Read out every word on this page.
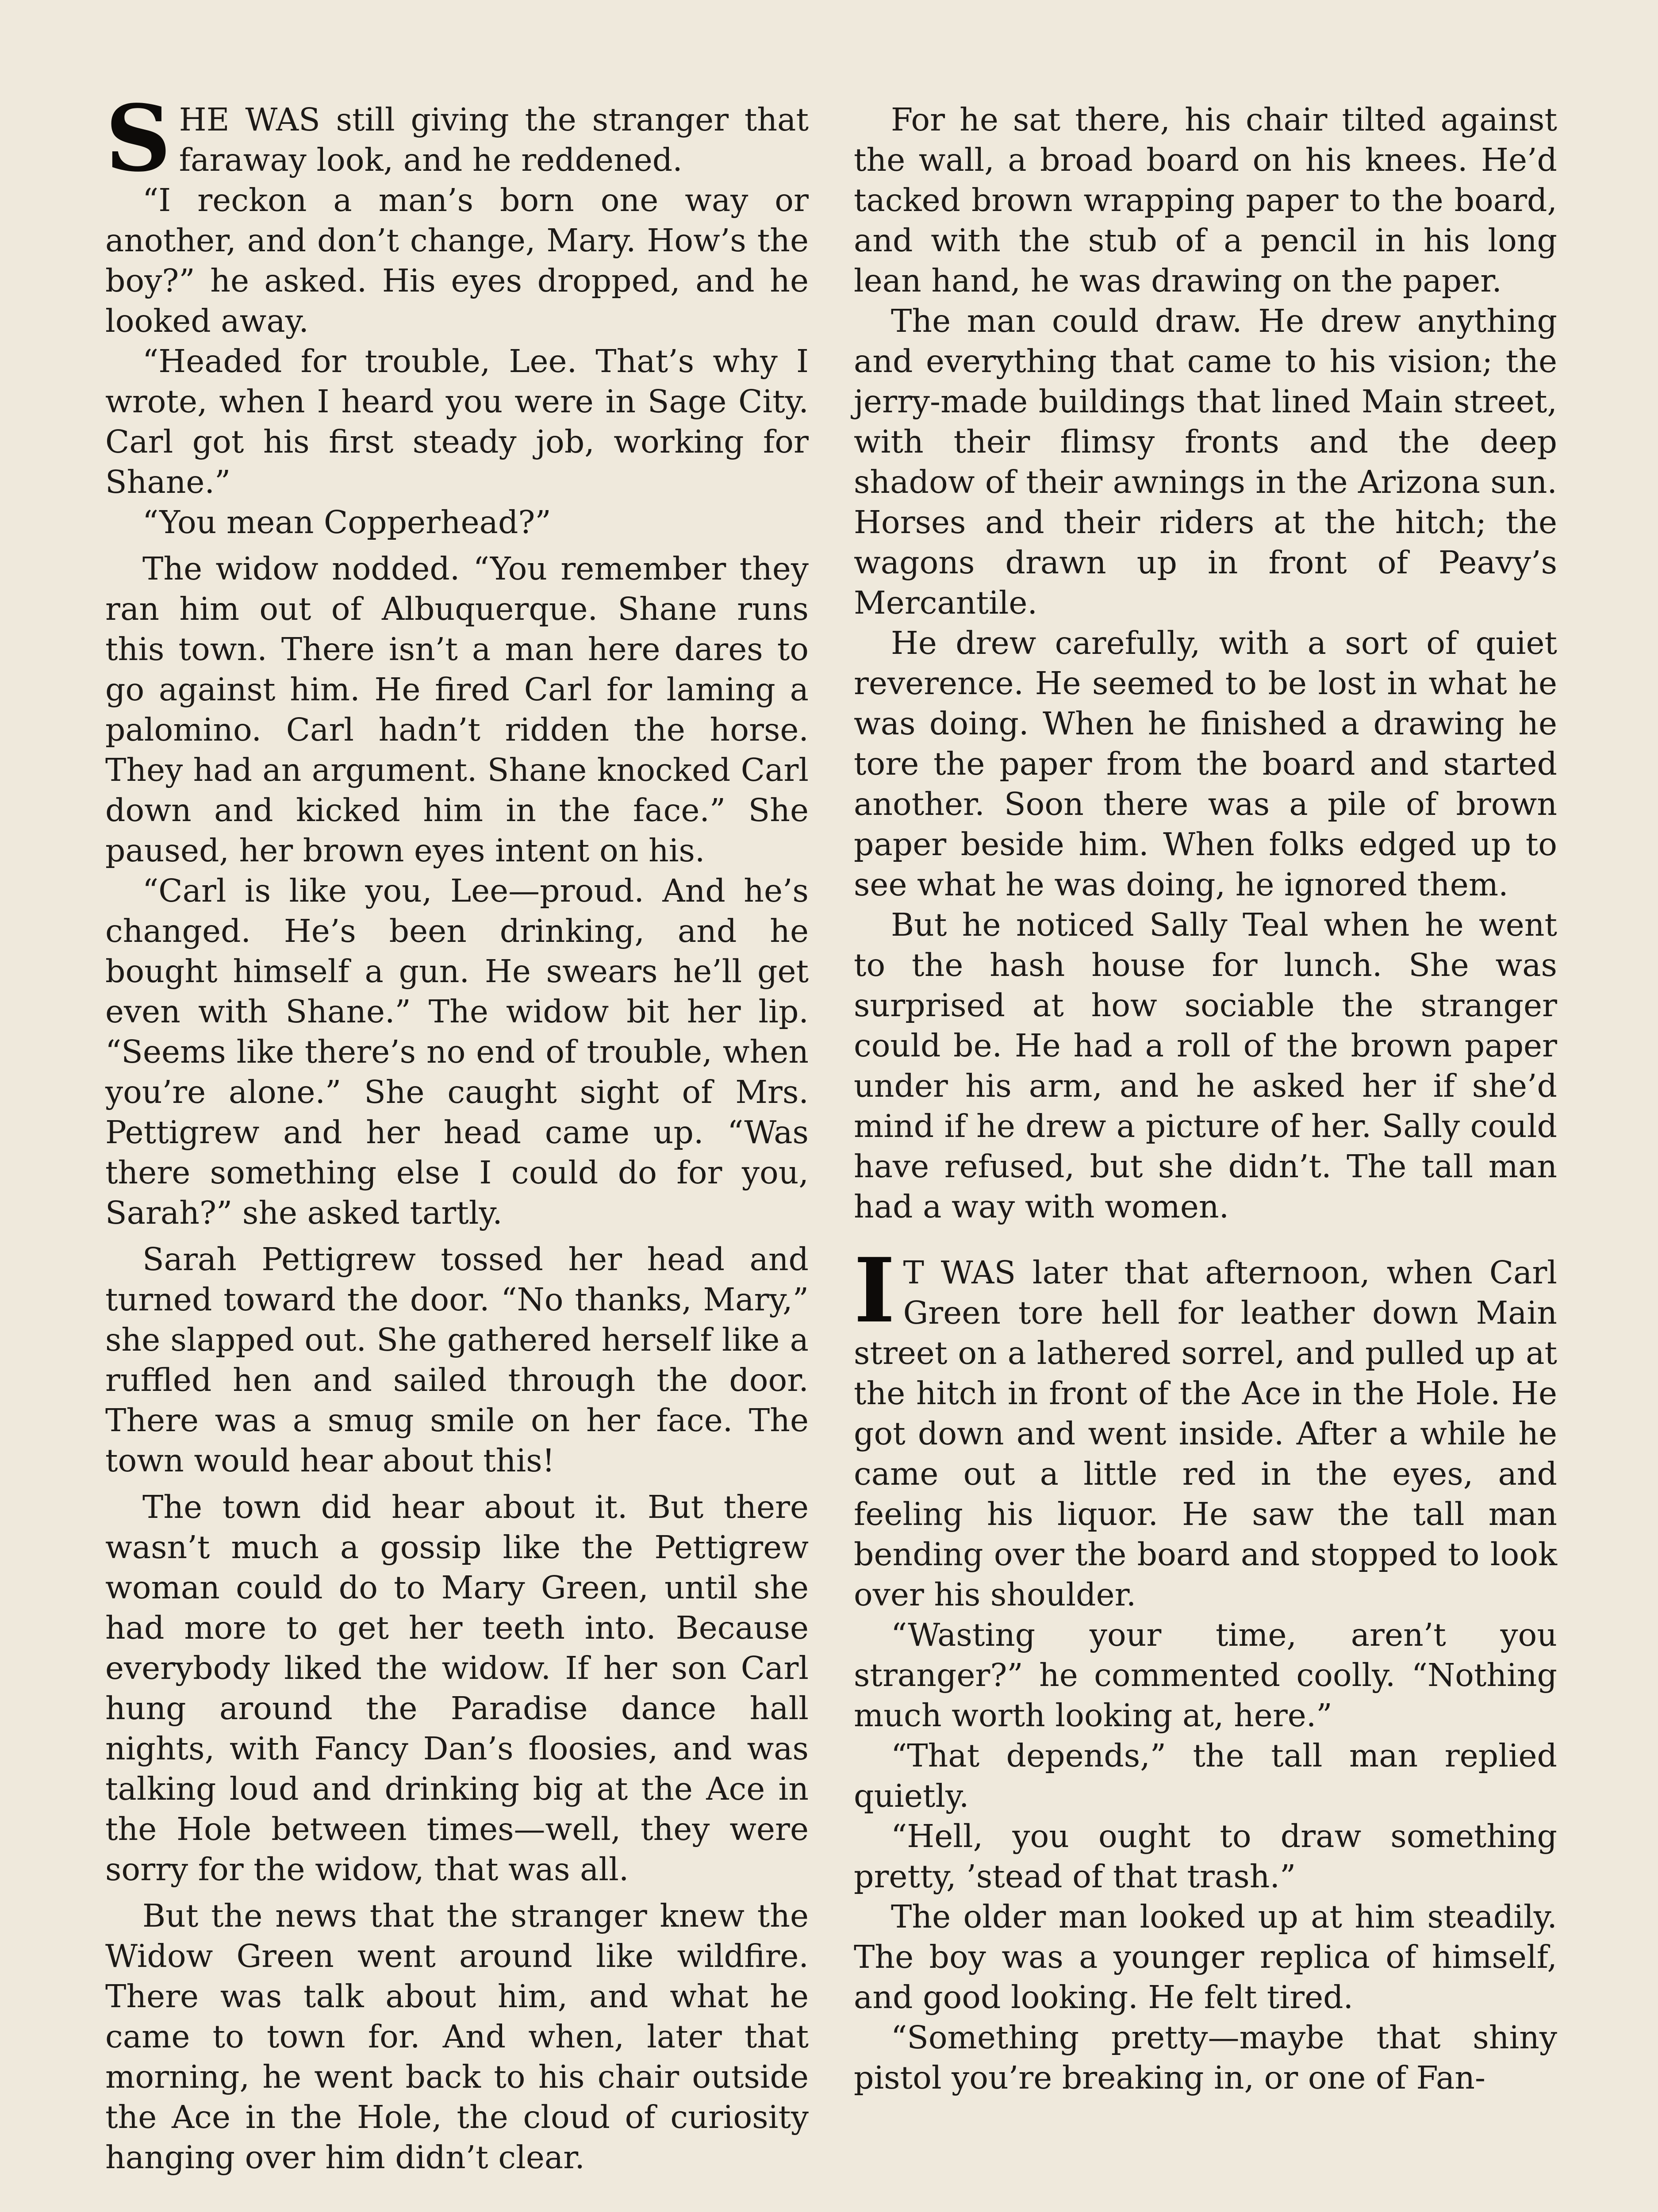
SHE WAS still giving the stranger that faraway look, and he reddened.

“I reckon a man’s born one way or another, and don’t change, Mary. How’s the boy?” he asked. His eyes dropped, and he looked away.

“Headed for trouble, Lee. That’s why I wrote, when I heard you were in Sage City. Carl got his first steady job, working for Shane.”

“You mean Copperhead?”

The widow nodded. “You remember they ran him out of Albuquerque. Shane runs this town. There isn’t a man here dares to go against him. He fired Carl for laming a palomino. Carl hadn’t ridden the horse. They had an argument. Shane knocked Carl down and kicked him in the face.” She paused, her brown eyes intent on his.

“Carl is like you, Lee—proud. And he’s changed. He’s been drinking, and he bought himself a gun. He swears he’ll get even with Shane.” The widow bit her lip. “Seems like there’s no end of trouble, when you’re alone.” She caught sight of Mrs. Pettigrew and her head came up. “Was there something else I could do for you, Sarah?” she asked tartly.

Sarah Pettigrew tossed her head and turned toward the door. “No thanks, Mary,” she slapped out. She gathered herself like a ruffled hen and sailed through the door. There was a smug smile on her face. The town would hear about this!

The town did hear about it. But there wasn’t much a gossip like the Pettigrew woman could do to Mary Green, until she had more to get her teeth into. Because everybody liked the widow. If her son Carl hung around the Paradise dance hall nights, with Fancy Dan’s floosies, and was talking loud and drinking big at the Ace in the Hole between times—well, they were sorry for the widow, that was all.

But the news that the stranger knew the Widow Green went around like wildfire. There was talk about him, and what he came to town for. And when, later that morning, he went back to his chair outside the Ace in the Hole, the cloud of curiosity hanging over him didn’t clear.

For he sat there, his chair tilted against the wall, a broad board on his knees. He’d tacked brown wrapping paper to the board, and with the stub of a pencil in his long lean hand, he was drawing on the paper.

The man could draw. He drew anything and everything that came to his vision; the jerry-made buildings that lined Main street, with their flimsy fronts and the deep shadow of their awnings in the Arizona sun. Horses and their riders at the hitch; the wagons drawn up in front of Peavy’s Mercantile.

He drew carefully, with a sort of quiet reverence. He seemed to be lost in what he was doing. When he finished a drawing he tore the paper from the board and started another. Soon there was a pile of brown paper beside him. When folks edged up to see what he was doing, he ignored them.

But he noticed Sally Teal when he went to the hash house for lunch. She was surprised at how sociable the stranger could be. He had a roll of the brown paper under his arm, and he asked her if she’d mind if he drew a picture of her. Sally could have refused, but she didn’t. The tall man had a way with women.

I T WAS later that afternoon, when Carl Green tore hell for leather down Main street on a lathered sorrel, and pulled up at the hitch in front of the Ace in the Hole. He got down and went inside. After a while he came out a little red in the eyes, and feeling his liquor. He saw the tall man bending over the board and stopped to look over his shoulder.

“Wasting your time, aren’t you stranger?” he commented coolly. “Nothing much worth looking at, here.”

“That depends,” the tall man replied quietly.

“Hell, you ought to draw something pretty, ’stead of that trash.”

The older man looked up at him steadily. The boy was a younger replica of himself, and good looking. He felt tired.

“Something pretty—maybe that shiny pistol you’re breaking in, or one of Fan-
